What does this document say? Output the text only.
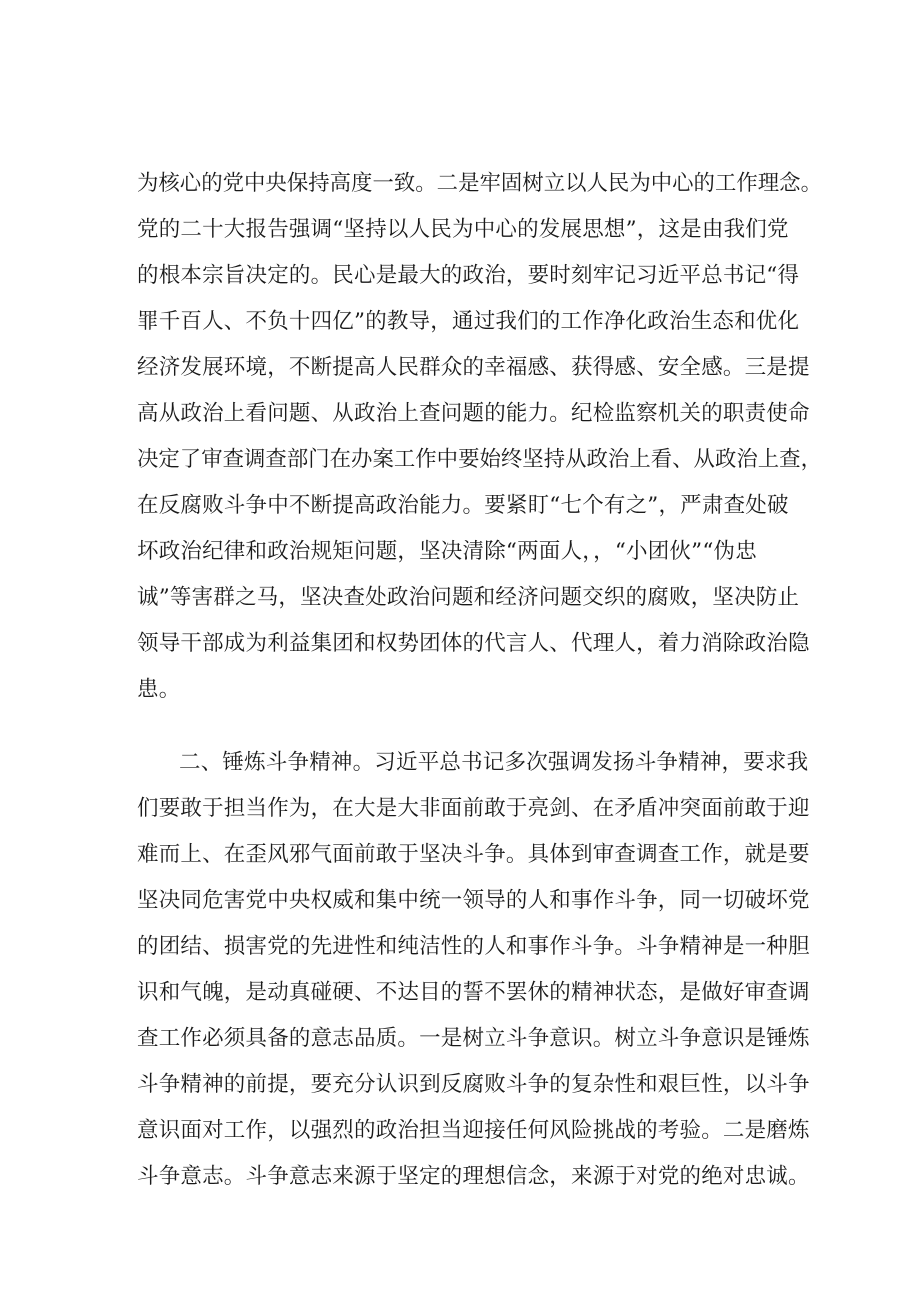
为核心的党中央保持高度一致。二是牢固树立以人民为中心的工作理念。
党的二十大报告强调“坚持以人民为中心的发展思想”，这是由我们党
的根本宗旨决定的。民心是最大的政治，要时刻牢记习近平总书记“得
罪千百人、不负十四亿”的教导，通过我们的工作净化政治生态和优化
经济发展环境，不断提高人民群众的幸福感、获得感、安全感。三是提
高从政治上看问题、从政治上查问题的能力。纪检监察机关的职责使命
决定了审查调查部门在办案工作中要始终坚持从政治上看、从政治上查，
在反腐败斗争中不断提高政治能力。要紧盯“七个有之”，严肃查处破
坏政治纪律和政治规矩问题，坚决清除“两面人，，“小团伙”“伪忠
诚”等害群之马，坚决查处政治问题和经济问题交织的腐败，坚决防止
领导干部成为利益集团和权势团体的代言人、代理人，着力消除政治隐
患。
二、锤炼斗争精神。习近平总书记多次强调发扬斗争精神，要求我
们要敢于担当作为，在大是大非面前敢于亮剑、在矛盾冲突面前敢于迎
难而上、在歪风邪气面前敢于坚决斗争。具体到审查调查工作，就是要
坚决同危害党中央权威和集中统一领导的人和事作斗争，同一切破坏党
的团结、损害党的先进性和纯洁性的人和事作斗争。斗争精神是一种胆
识和气魄，是动真碰硬、不达目的誓不罢休的精神状态，是做好审查调
查工作必须具备的意志品质。一是树立斗争意识。树立斗争意识是锤炼
斗争精神的前提，要充分认识到反腐败斗争的复杂性和艰巨性，以斗争
意识面对工作，以强烈的政治担当迎接任何风险挑战的考验。二是磨炼
斗争意志。斗争意志来源于坚定的理想信念，来源于对党的绝对忠诚。
